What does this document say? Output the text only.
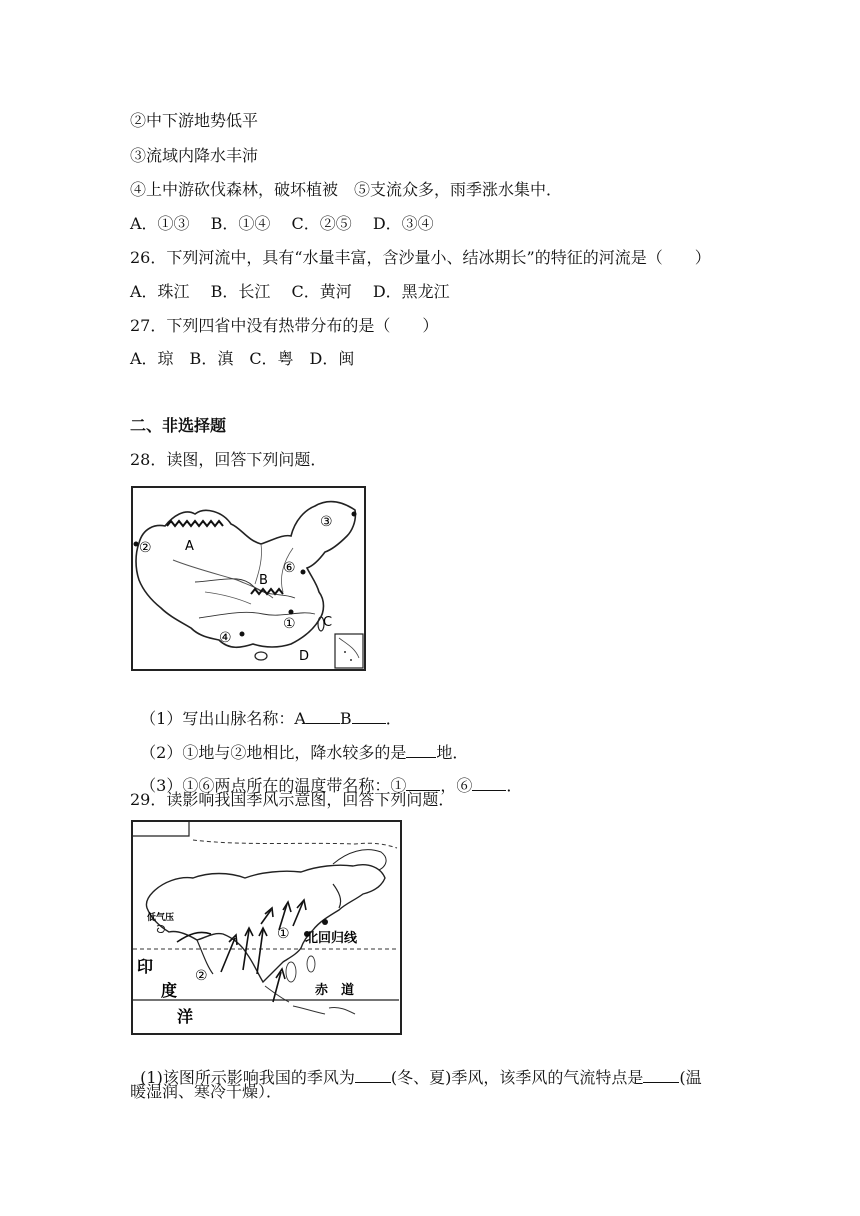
②中下游地势低平
③流域内降水丰沛
④上中游砍伐森林，破坏植被　⑤支流众多，雨季涨水集中．
A．①③　 B．①④　 C．②⑤　 D．③④
26．下列河流中，具有“水量丰富，含沙量小、结冰期长”的特征的河流是（　　）
A．珠江　 B．长江　 C．黄河　 D．黑龙江
27．下列四省中没有热带分布的是（　　）
A．琼　B．滇　C．粤　D．闽
二、非选择题
28．读图，回答下列问题．
A
B
C
D
③
②
⑥
①
④

（1）写出山脉名称：A B ．

（2）①地与②地相比，降水较多的是 地．

（3）①⑥两点所在的温度带名称：① ，⑥ ．

29．读影响我国季风示意图，回答下列问题．
低气压
北回归线
赤　道
印
度
洋
①
②

(1)该图所示影响我国的季风为 (冬、夏)季风，该季风的气流特点是 (温

暖湿润、寒冷干燥）．
